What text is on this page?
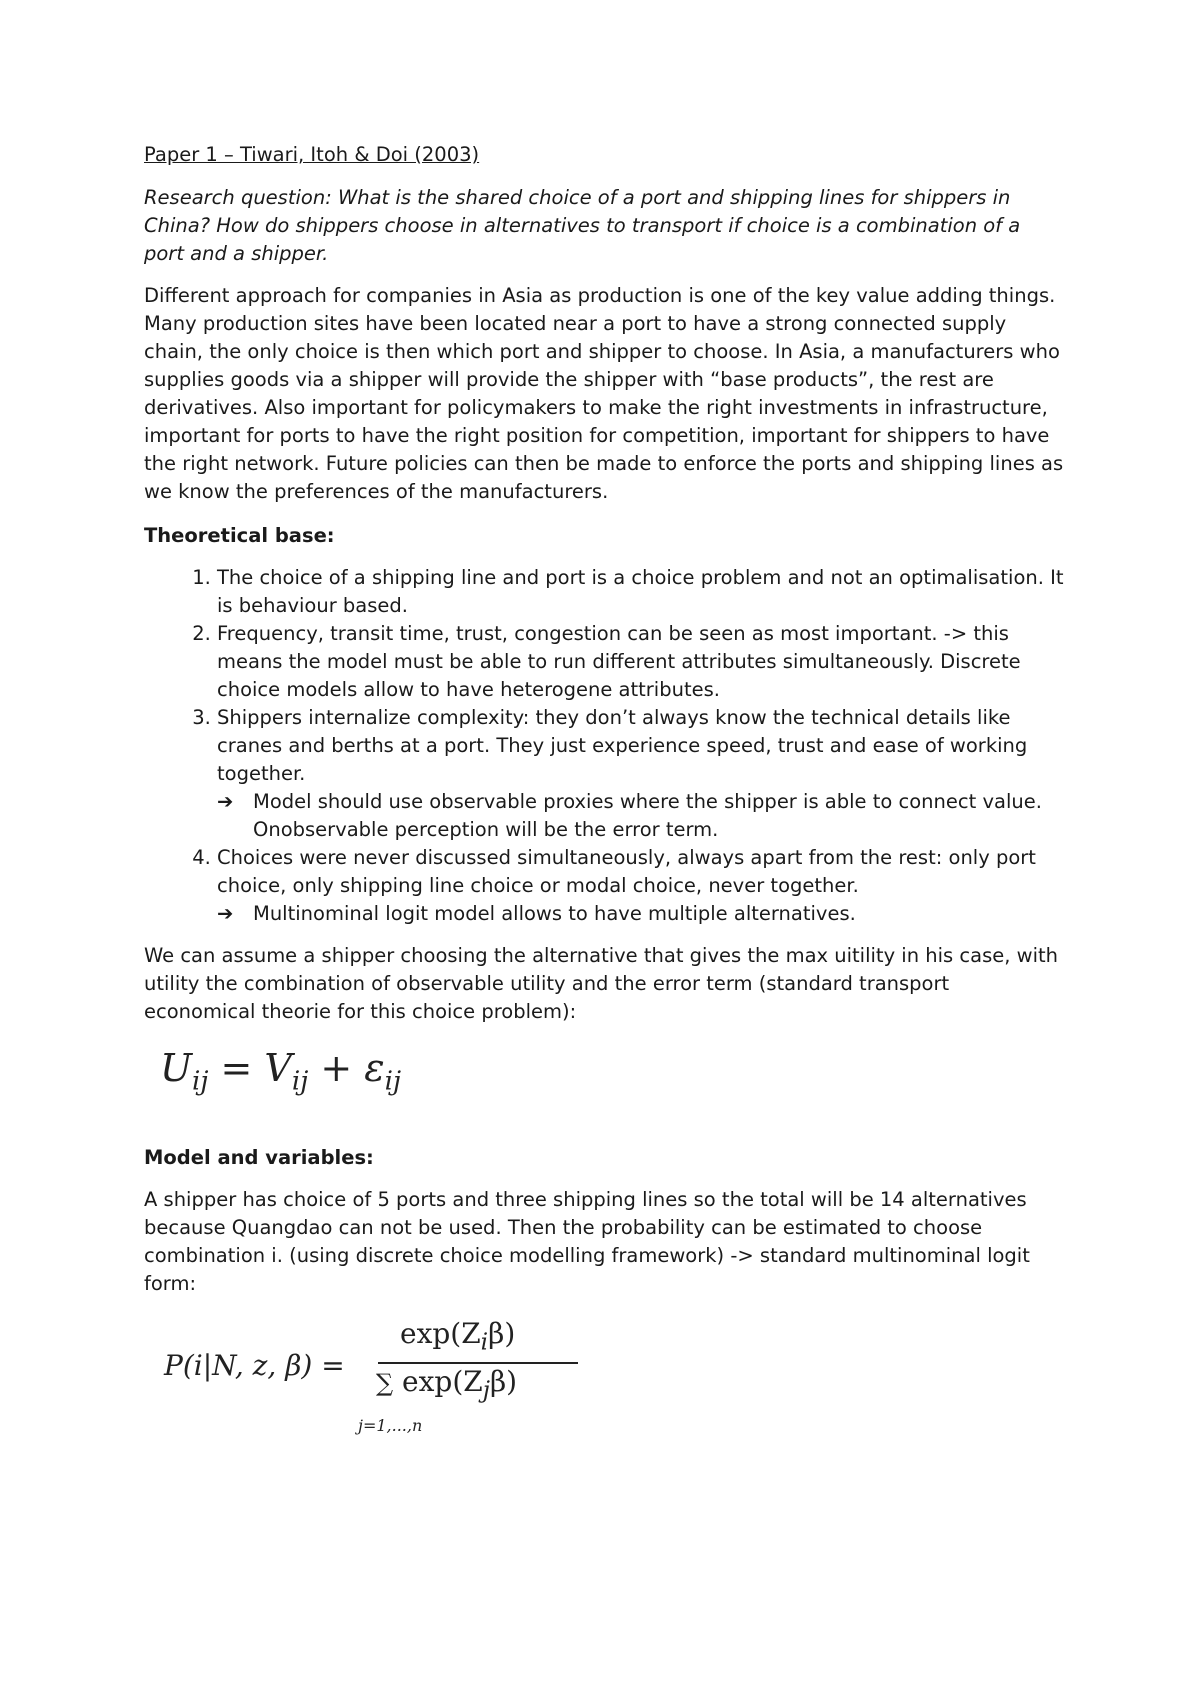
Paper 1 – Tiwari, Itoh & Doi (2003)

Research question: What is the shared choice of a port and shipping lines for shippers in China? How do shippers choose in alternatives to transport if choice is a combination of a port and a shipper.

Different approach for companies in Asia as production is one of the key value adding things. Many production sites have been located near a port to have a strong connected supply chain, the only choice is then which port and shipper to choose. In Asia, a manufacturers who supplies goods via a shipper will provide the shipper with “base products”, the rest are derivatives. Also important for policymakers to make the right investments in infrastructure, important for ports to have the right position for competition, important for shippers to have the right network. Future policies can then be made to enforce the ports and shipping lines as we know the preferences of the manufacturers.

Theoretical base:
1. The choice of a shipping line and port is a choice problem and not an optimalisation. It is behaviour based.
2. Frequency, transit time, trust, congestion can be seen as most important. -> this means the model must be able to run different attributes simultaneously. Discrete choice models allow to have heterogene attributes.
3. Shippers internalize complexity: they don’t always know the technical details like cranes and berths at a port. They just experience speed, trust and ease of working together.
➔	Model should use observable proxies where the shipper is able to connect value. Onobservable perception will be the error term.
4. Choices were never discussed simultaneously, always apart from the rest: only port choice, only shipping line choice or modal choice, never together.
➔	Multinominal logit model allows to have multiple alternatives.

We can assume a shipper choosing the alternative that gives the max uitility in his case, with utility the combination of observable utility and the error term (standard transport economical theorie for this choice problem):

$U_{ij} = V_{ij} + \varepsilon_{ij}$
Model and variables:

A shipper has choice of 5 ports and three shipping lines so the total will be 14 alternatives because Quangdao can not be used. Then the probability can be estimated to choose combination i. (using discrete choice modelling framework) -> standard multinominal logit form:

P(i|N, z, β) =
$\exp(Z_i\beta)$
∑ $\exp(Z_j\beta)$
j=1,...,n
